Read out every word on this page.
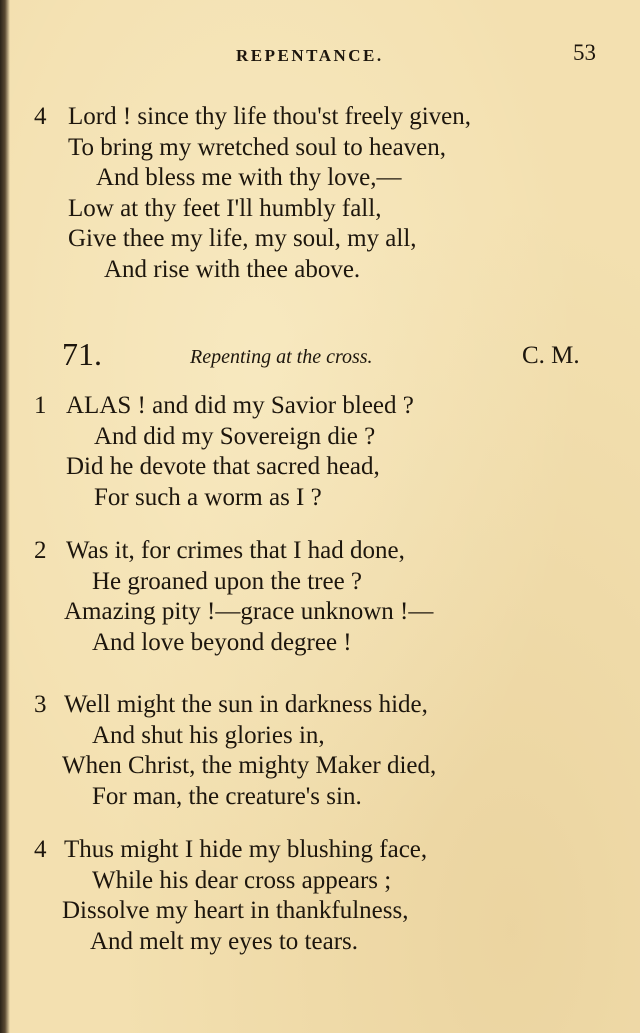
REPENTANCE.	53
4 Lord ! since thy life thou'st freely given,
To bring my wretched soul to heaven,
And bless me with thy love,—
Low at thy feet I'll humbly fall,
Give thee my life, my soul, my all,
And rise with thee above.
71.	Repenting at the cross.	C. M.
1 ALAS ! and did my Savior bleed ?
And did my Sovereign die ?
Did he devote that sacred head,
For such a worm as I ?
2 Was it, for crimes that I had done,
He groaned upon the tree ?
Amazing pity !—grace unknown !—
And love beyond degree !
3 Well might the sun in darkness hide,
And shut his glories in,
When Christ, the mighty Maker died,
For man, the creature's sin.
4 Thus might I hide my blushing face,
While his dear cross appears ;
Dissolve my heart in thankfulness,
And melt my eyes to tears.
